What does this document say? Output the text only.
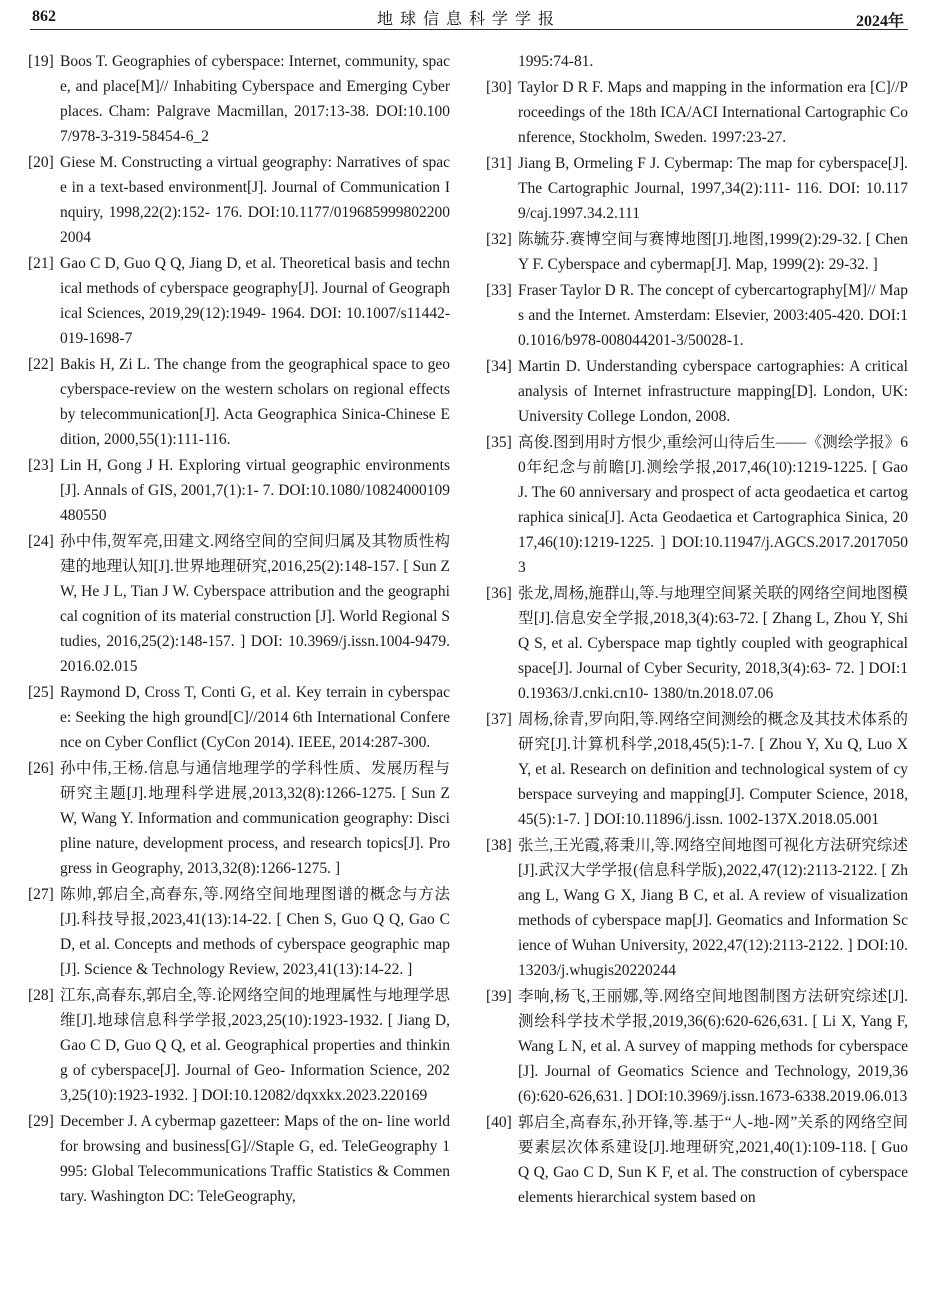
862	地球信息科学学报	2024年
[19] Boos T. Geographies of cyberspace: Internet, community, space, and place[M]// Inhabiting Cyberspace and Emerging Cyberplaces. Cham: Palgrave Macmillan, 2017:13-38. DOI:10.1007/978-3-319-58454-6_2
[20] Giese M. Constructing a virtual geography: Narratives of space in a text-based environment[J]. Journal of Communication Inquiry, 1998,22(2):152- 176. DOI:10.1177/0196859998022002004
[21] Gao C D, Guo Q Q, Jiang D, et al. Theoretical basis and technical methods of cyberspace geography[J]. Journal of Geographical Sciences, 2019,29(12):1949- 1964. DOI: 10.1007/s11442-019-1698-7
[22] Bakis H, Zi L. The change from the geographical space to geocyberspace-review on the western scholars on regional effects by telecommunication[J]. Acta Geographica Sinica-Chinese Edition, 2000,55(1):111-116.
[23] Lin H, Gong J H. Exploring virtual geographic environments[J]. Annals of GIS, 2001,7(1):1- 7. DOI:10.1080/10824000109480550
[24] 孙中伟,贺军亮,田建文.网络空间的空间归属及其物质性构建的地理认知[J].世界地理研究,2016,25(2):148-157. [ Sun Z W, He J L, Tian J W. Cyberspace attribution and the geographical cognition of its material construction [J]. World Regional Studies, 2016,25(2):148-157. ] DOI: 10.3969/j.issn.1004-9479.2016.02.015
[25] Raymond D, Cross T, Conti G, et al. Key terrain in cyberspace: Seeking the high ground[C]//2014 6th International Conference on Cyber Conflict (CyCon 2014). IEEE, 2014:287-300.
[26] 孙中伟,王杨.信息与通信地理学的学科性质、发展历程与研究主题[J].地理科学进展,2013,32(8):1266-1275. [ Sun Z W, Wang Y. Information and communication geography: Discipline nature, development process, and research topics[J]. Progress in Geography, 2013,32(8):1266-1275. ]
[27] 陈帅,郭启全,高春东,等.网络空间地理图谱的概念与方法[J].科技导报,2023,41(13):14-22. [ Chen S, Guo Q Q, Gao C D, et al. Concepts and methods of cyberspace geographic map[J]. Science & Technology Review, 2023,41(13):14-22. ]
[28] 江东,高春东,郭启全,等.论网络空间的地理属性与地理学思维[J].地球信息科学学报,2023,25(10):1923-1932. [ Jiang D, Gao C D, Guo Q Q, et al. Geographical properties and thinking of cyberspace[J]. Journal of Geo- Information Science, 2023,25(10):1923-1932. ] DOI:10.12082/dqxxkx.2023.220169
[29] December J. A cybermap gazetteer: Maps of the on- line world for browsing and business[G]//Staple G, ed. TeleGeography 1995: Global Telecommunications Traffic Statistics & Commentary. Washington DC: TeleGeography,
1995:74-81.
[30] Taylor D R F. Maps and mapping in the information era [C]//Proceedings of the 18th ICA/ACI International Cartographic Conference, Stockholm, Sweden. 1997:23-27.
[31] Jiang B, Ormeling F J. Cybermap: The map for cyberspace[J]. The Cartographic Journal, 1997,34(2):111- 116. DOI: 10.1179/caj.1997.34.2.111
[32] 陈毓芬.赛博空间与赛博地图[J].地图,1999(2):29-32. [ Chen Y F. Cyberspace and cybermap[J]. Map, 1999(2): 29-32. ]
[33] Fraser Taylor D R. The concept of cybercartography[M]// Maps and the Internet. Amsterdam: Elsevier, 2003:405-420. DOI:10.1016/b978-008044201-3/50028-1.
[34] Martin D. Understanding cyberspace cartographies: A critical analysis of Internet infrastructure mapping[D]. London, UK: University College London, 2008.
[35] 高俊.图到用时方恨少,重绘河山待后生——《测绘学报》60年纪念与前瞻[J].测绘学报,2017,46(10):1219-1225. [ Gao J. The 60 anniversary and prospect of acta geodaetica et cartographica sinica[J]. Acta Geodaetica et Cartographica Sinica, 2017,46(10):1219-1225. ] DOI:10.11947/j.AGCS.2017.20170503
[36] 张龙,周杨,施群山,等.与地理空间紧关联的网络空间地图模型[J].信息安全学报,2018,3(4):63-72. [ Zhang L, Zhou Y, Shi Q S, et al. Cyberspace map tightly coupled with geographical space[J]. Journal of Cyber Security, 2018,3(4):63- 72. ] DOI:10.19363/J.cnki.cn10- 1380/tn.2018.07.06
[37] 周杨,徐青,罗向阳,等.网络空间测绘的概念及其技术体系的研究[J].计算机科学,2018,45(5):1-7. [ Zhou Y, Xu Q, Luo X Y, et al. Research on definition and technological system of cyberspace surveying and mapping[J]. Computer Science, 2018,45(5):1-7. ] DOI:10.11896/j.issn. 1002-137X.2018.05.001
[38] 张兰,王光霞,蒋秉川,等.网络空间地图可视化方法研究综述[J].武汉大学学报(信息科学版),2022,47(12):2113-2122. [ Zhang L, Wang G X, Jiang B C, et al. A review of visualization methods of cyberspace map[J]. Geomatics and Information Science of Wuhan University, 2022,47(12):2113-2122. ] DOI:10.13203/j.whugis20220244
[39] 李响,杨飞,王丽娜,等.网络空间地图制图方法研究综述[J].测绘科学技术学报,2019,36(6):620-626,631. [ Li X, Yang F, Wang L N, et al. A survey of mapping methods for cyberspace[J]. Journal of Geomatics Science and Technology, 2019,36(6):620-626,631. ] DOI:10.3969/j.issn.1673-6338.2019.06.013
[40] 郭启全,高春东,孙开锋,等.基于“人-地-网”关系的网络空间要素层次体系建设[J].地理研究,2021,40(1):109-118. [ Guo Q Q, Gao C D, Sun K F, et al. The construction of cyberspace elements hierarchical system based on
